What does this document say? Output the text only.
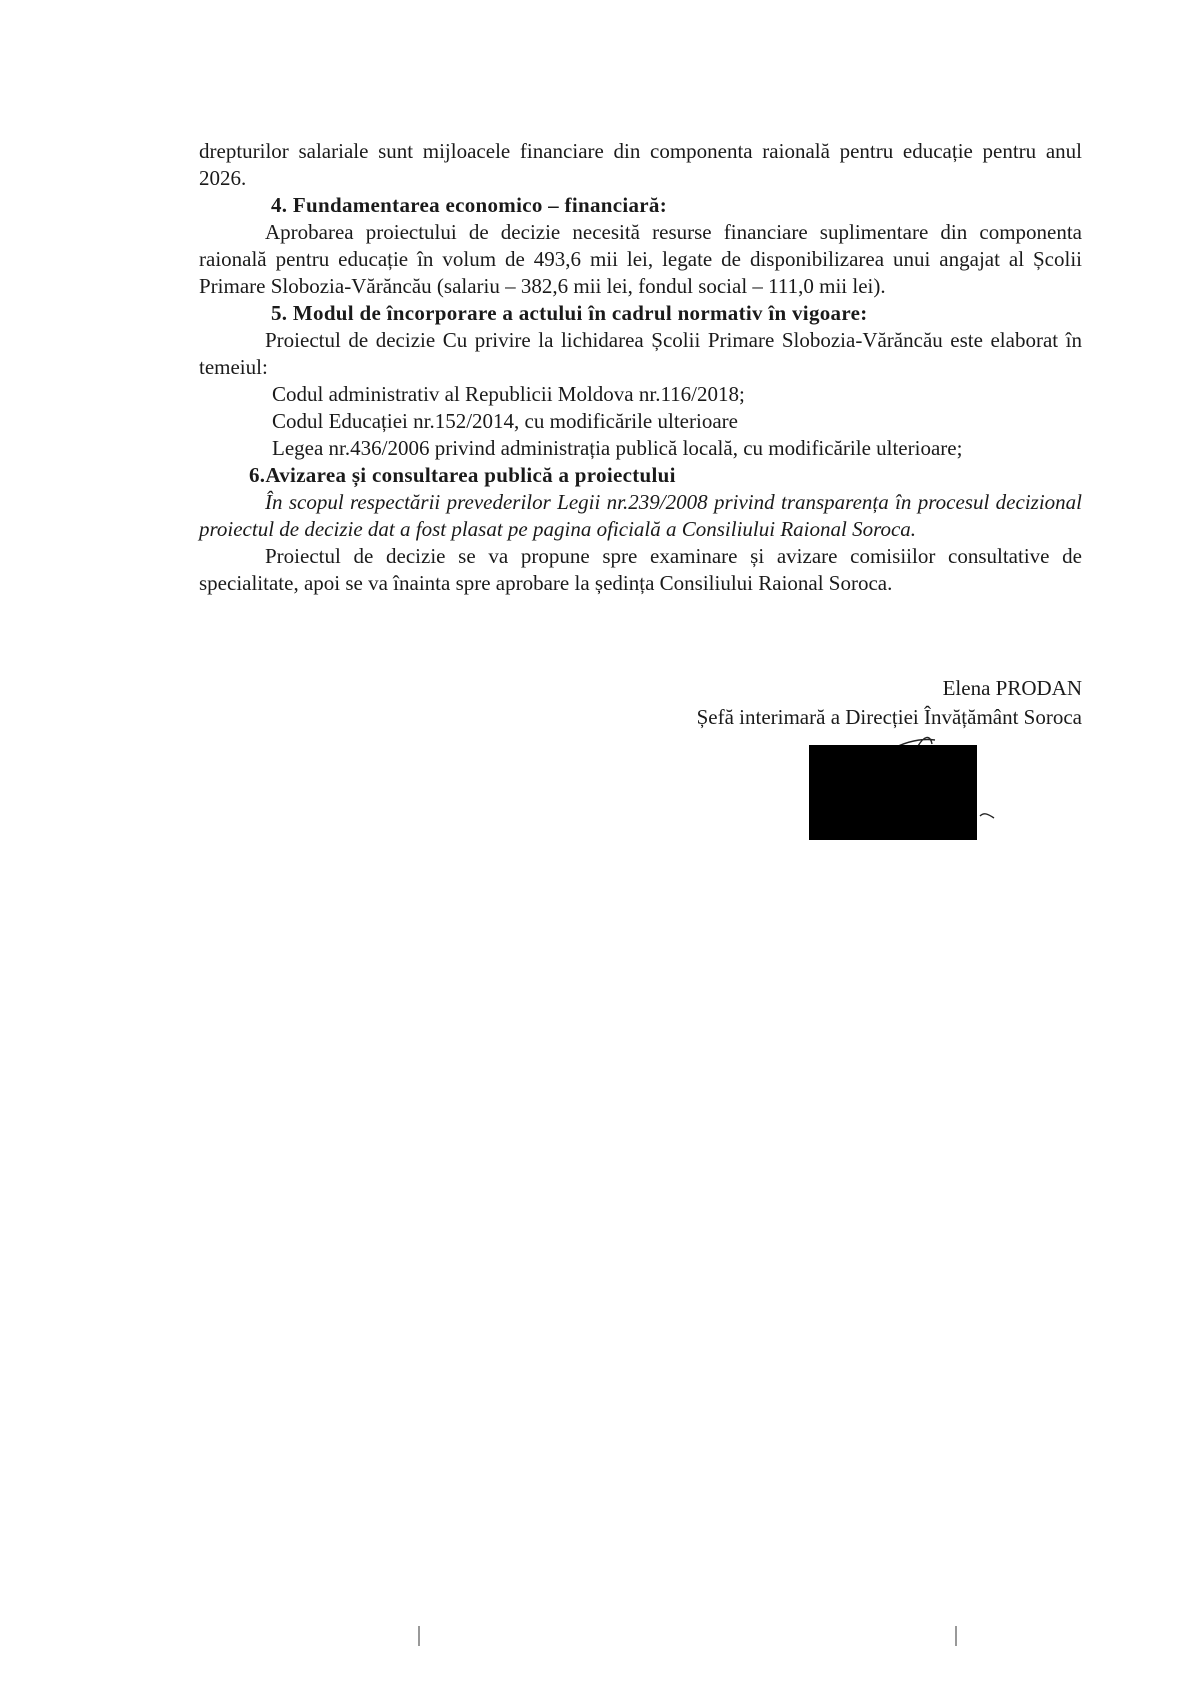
drepturilor salariale sunt mijloacele financiare din componenta raională pentru educație pentru anul 2026.

4. Fundamentarea economico – financiară:

Aprobarea proiectului de decizie necesită resurse financiare suplimentare din componenta raională pentru educație în volum de 493,6 mii lei, legate de disponibilizarea unui angajat al Școlii Primare Slobozia-Vărăncău (salariu – 382,6 mii lei, fondul social – 111,0 mii lei).

5. Modul de încorporare a actului în cadrul normativ în vigoare:

Proiectul de decizie Cu privire la lichidarea Școlii Primare Slobozia-Vărăncău este elaborat în temeiul:

Codul administrativ al Republicii Moldova nr.116/2018;

Codul Educației nr.152/2014, cu modificările ulterioare

Legea nr.436/2006 privind administrația publică locală, cu modificările ulterioare;

6.Avizarea și consultarea publică a proiectului

În scopul respectării prevederilor Legii nr.239/2008 privind transparența în procesul decizional proiectul de decizie dat a fost plasat pe pagina oficială a Consiliului Raional Soroca.

Proiectul de decizie se va propune spre examinare și avizare comisiilor consultative de specialitate, apoi se va înainta spre aprobare la ședința Consiliului Raional Soroca.

Elena PRODAN
Șefă interimară a Direcției Învățământ Soroca
